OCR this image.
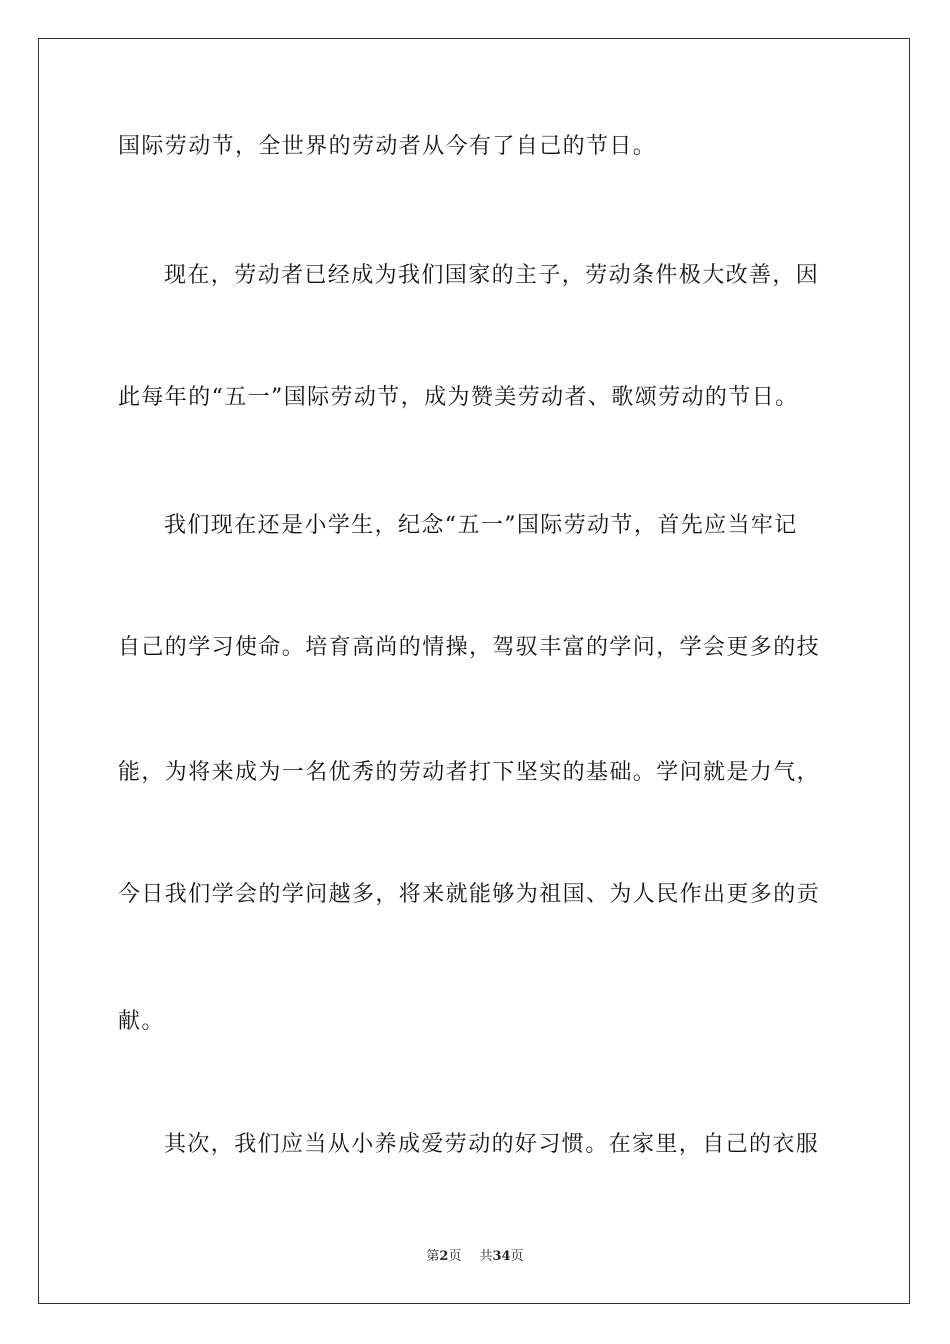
国际劳动节，全世界的劳动者从今有了自己的节日。
现在，劳动者已经成为我们国家的主子，劳动条件极大改善，因
此每年的“五一”国际劳动节，成为赞美劳动者、歌颂劳动的节日。
我们现在还是小学生，纪念“五一”国际劳动节，首先应当牢记
自己的学习使命。培育高尚的情操，驾驭丰富的学问，学会更多的技
能，为将来成为一名优秀的劳动者打下坚实的基础。学问就是力气，
今日我们学会的学问越多，将来就能够为祖国、为人民作出更多的贡
献。
其次，我们应当从小养成爱劳动的好习惯。在家里，自己的衣服
第2页 共34页
